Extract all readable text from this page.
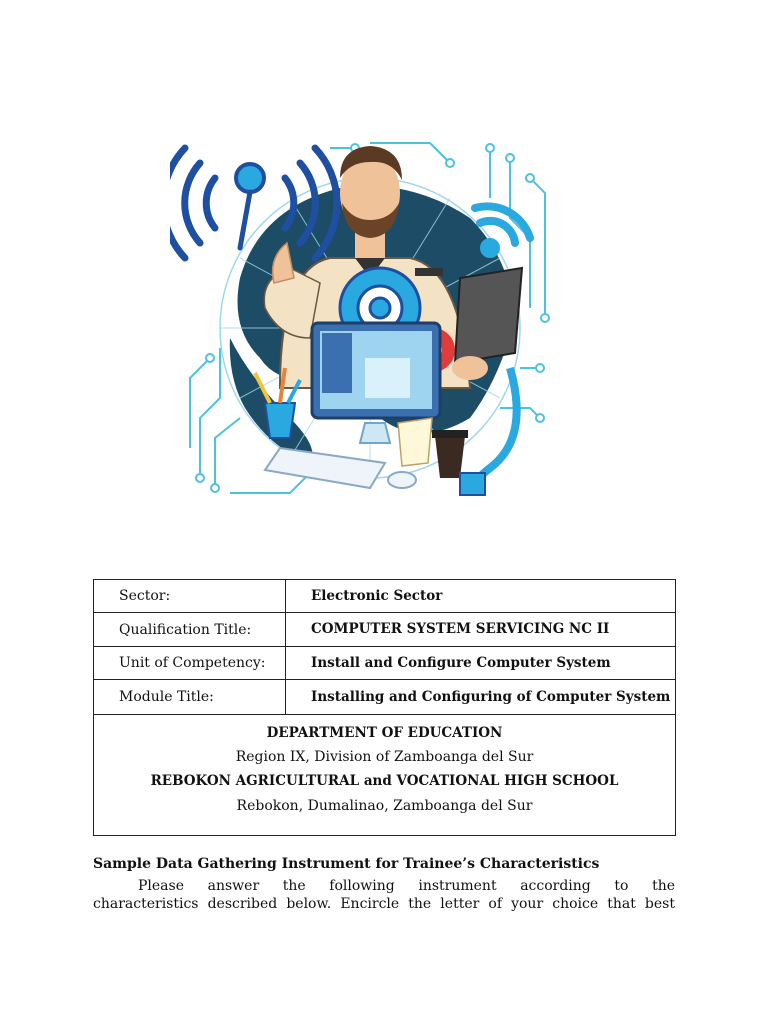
Sector:	Electronic Sector
Qualification Title:	COMPUTER SYSTEM SERVICING NC II
Unit of Competency:	Install and Configure Computer System
Module Title:	Installing and Configuring of Computer System
DEPARTMENT OF EDUCATION
Region IX, Division of Zamboanga del Sur
REBOKON AGRICULTURAL and VOCATIONAL HIGH SCHOOL
Rebokon, Dumalinao, Zamboanga del Sur
Sample Data Gathering Instrument for Trainee’s Characteristics
Please answer the following instrument according to the
characteristics described below. Encircle the letter of your choice that best
